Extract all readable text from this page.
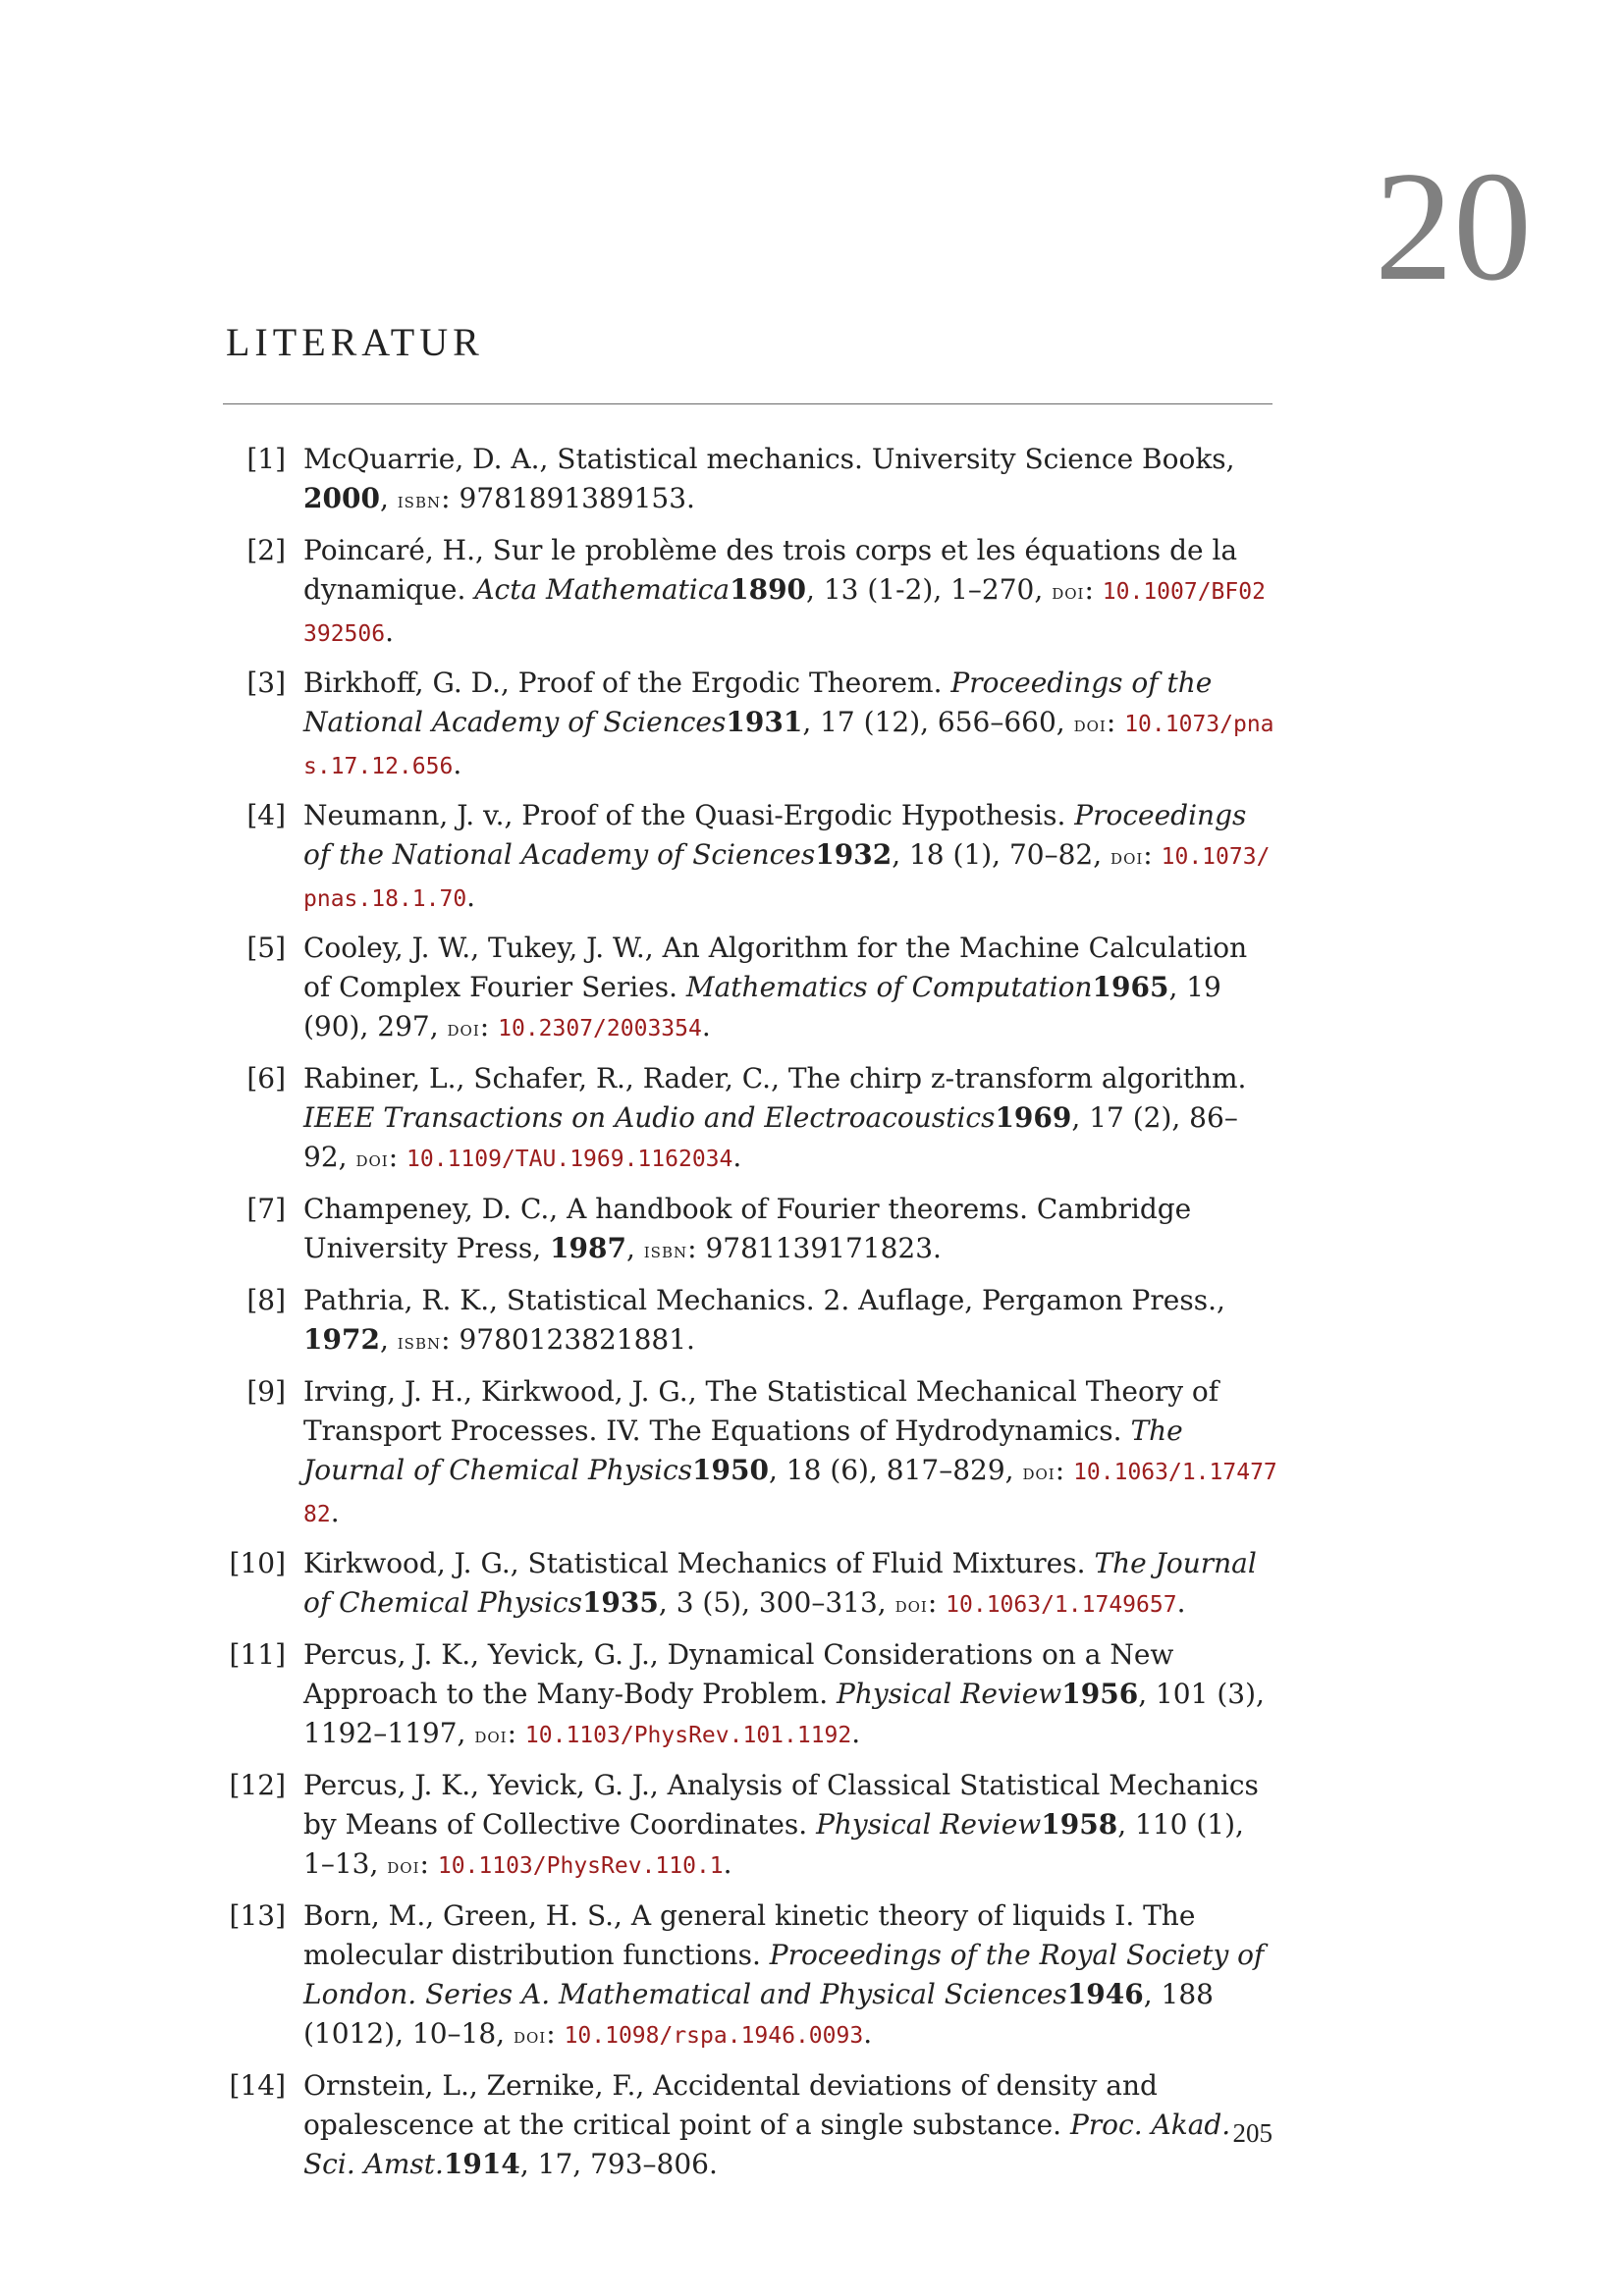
20
LITERATUR
[1] McQuarrie, D. A., Statistical mechanics. University Science Books, 2000, isbn: 9781891389153.
[2] Poincaré, H., Sur le problème des trois corps et les équations de la dynamique. Acta Mathematica1890, 13 (1-2), 1–270, doi: 10.1007/BF02392506.
[3] Birkhoff, G. D., Proof of the Ergodic Theorem. Proceedings of the National Academy of Sciences1931, 17 (12), 656–660, doi: 10.1073/pnas.17.12.656.
[4] Neumann, J. v., Proof of the Quasi-Ergodic Hypothesis. Proceedings of the National Academy of Sciences1932, 18 (1), 70–82, doi: 10.1073/pnas.18.1.70.
[5] Cooley, J. W., Tukey, J. W., An Algorithm for the Machine Calculation of Complex Fourier Series. Mathematics of Computation1965, 19 (90), 297, doi: 10.2307/2003354.
[6] Rabiner, L., Schafer, R., Rader, C., The chirp z-transform algorithm. IEEE Transactions on Audio and Electroacoustics1969, 17 (2), 86–92, doi: 10.1109/TAU.1969.1162034.
[7] Champeney, D. C., A handbook of Fourier theorems. Cambridge University Press, 1987, isbn: 9781139171823.
[8] Pathria, R. K., Statistical Mechanics. 2. Auflage, Pergamon Press., 1972, isbn: 9780123821881.
[9] Irving, J. H., Kirkwood, J. G., The Statistical Mechanical Theory of Transport Processes. IV. The Equations of Hydrodynamics. The Journal of Chemical Physics1950, 18 (6), 817–829, doi: 10.1063/1.1747782.
[10] Kirkwood, J. G., Statistical Mechanics of Fluid Mixtures. The Journal of Chemical Physics1935, 3 (5), 300–313, doi: 10.1063/1.1749657.
[11] Percus, J. K., Yevick, G. J., Dynamical Considerations on a New Approach to the Many-Body Problem. Physical Review1956, 101 (3), 1192–1197, doi: 10.1103/PhysRev.101.1192.
[12] Percus, J. K., Yevick, G. J., Analysis of Classical Statistical Mechanics by Means of Collective Coordinates. Physical Review1958, 110 (1), 1–13, doi: 10.1103/PhysRev.110.1.
[13] Born, M., Green, H. S., A general kinetic theory of liquids I. The molecular distribution functions. Proceedings of the Royal Society of London. Series A. Mathematical and Physical Sciences1946, 188 (1012), 10–18, doi: 10.1098/rspa.1946.0093.
[14] Ornstein, L., Zernike, F., Accidental deviations of density and opalescence at the critical point of a single substance. Proc. Akad. Sci. Amst.1914, 17, 793–806.
205
